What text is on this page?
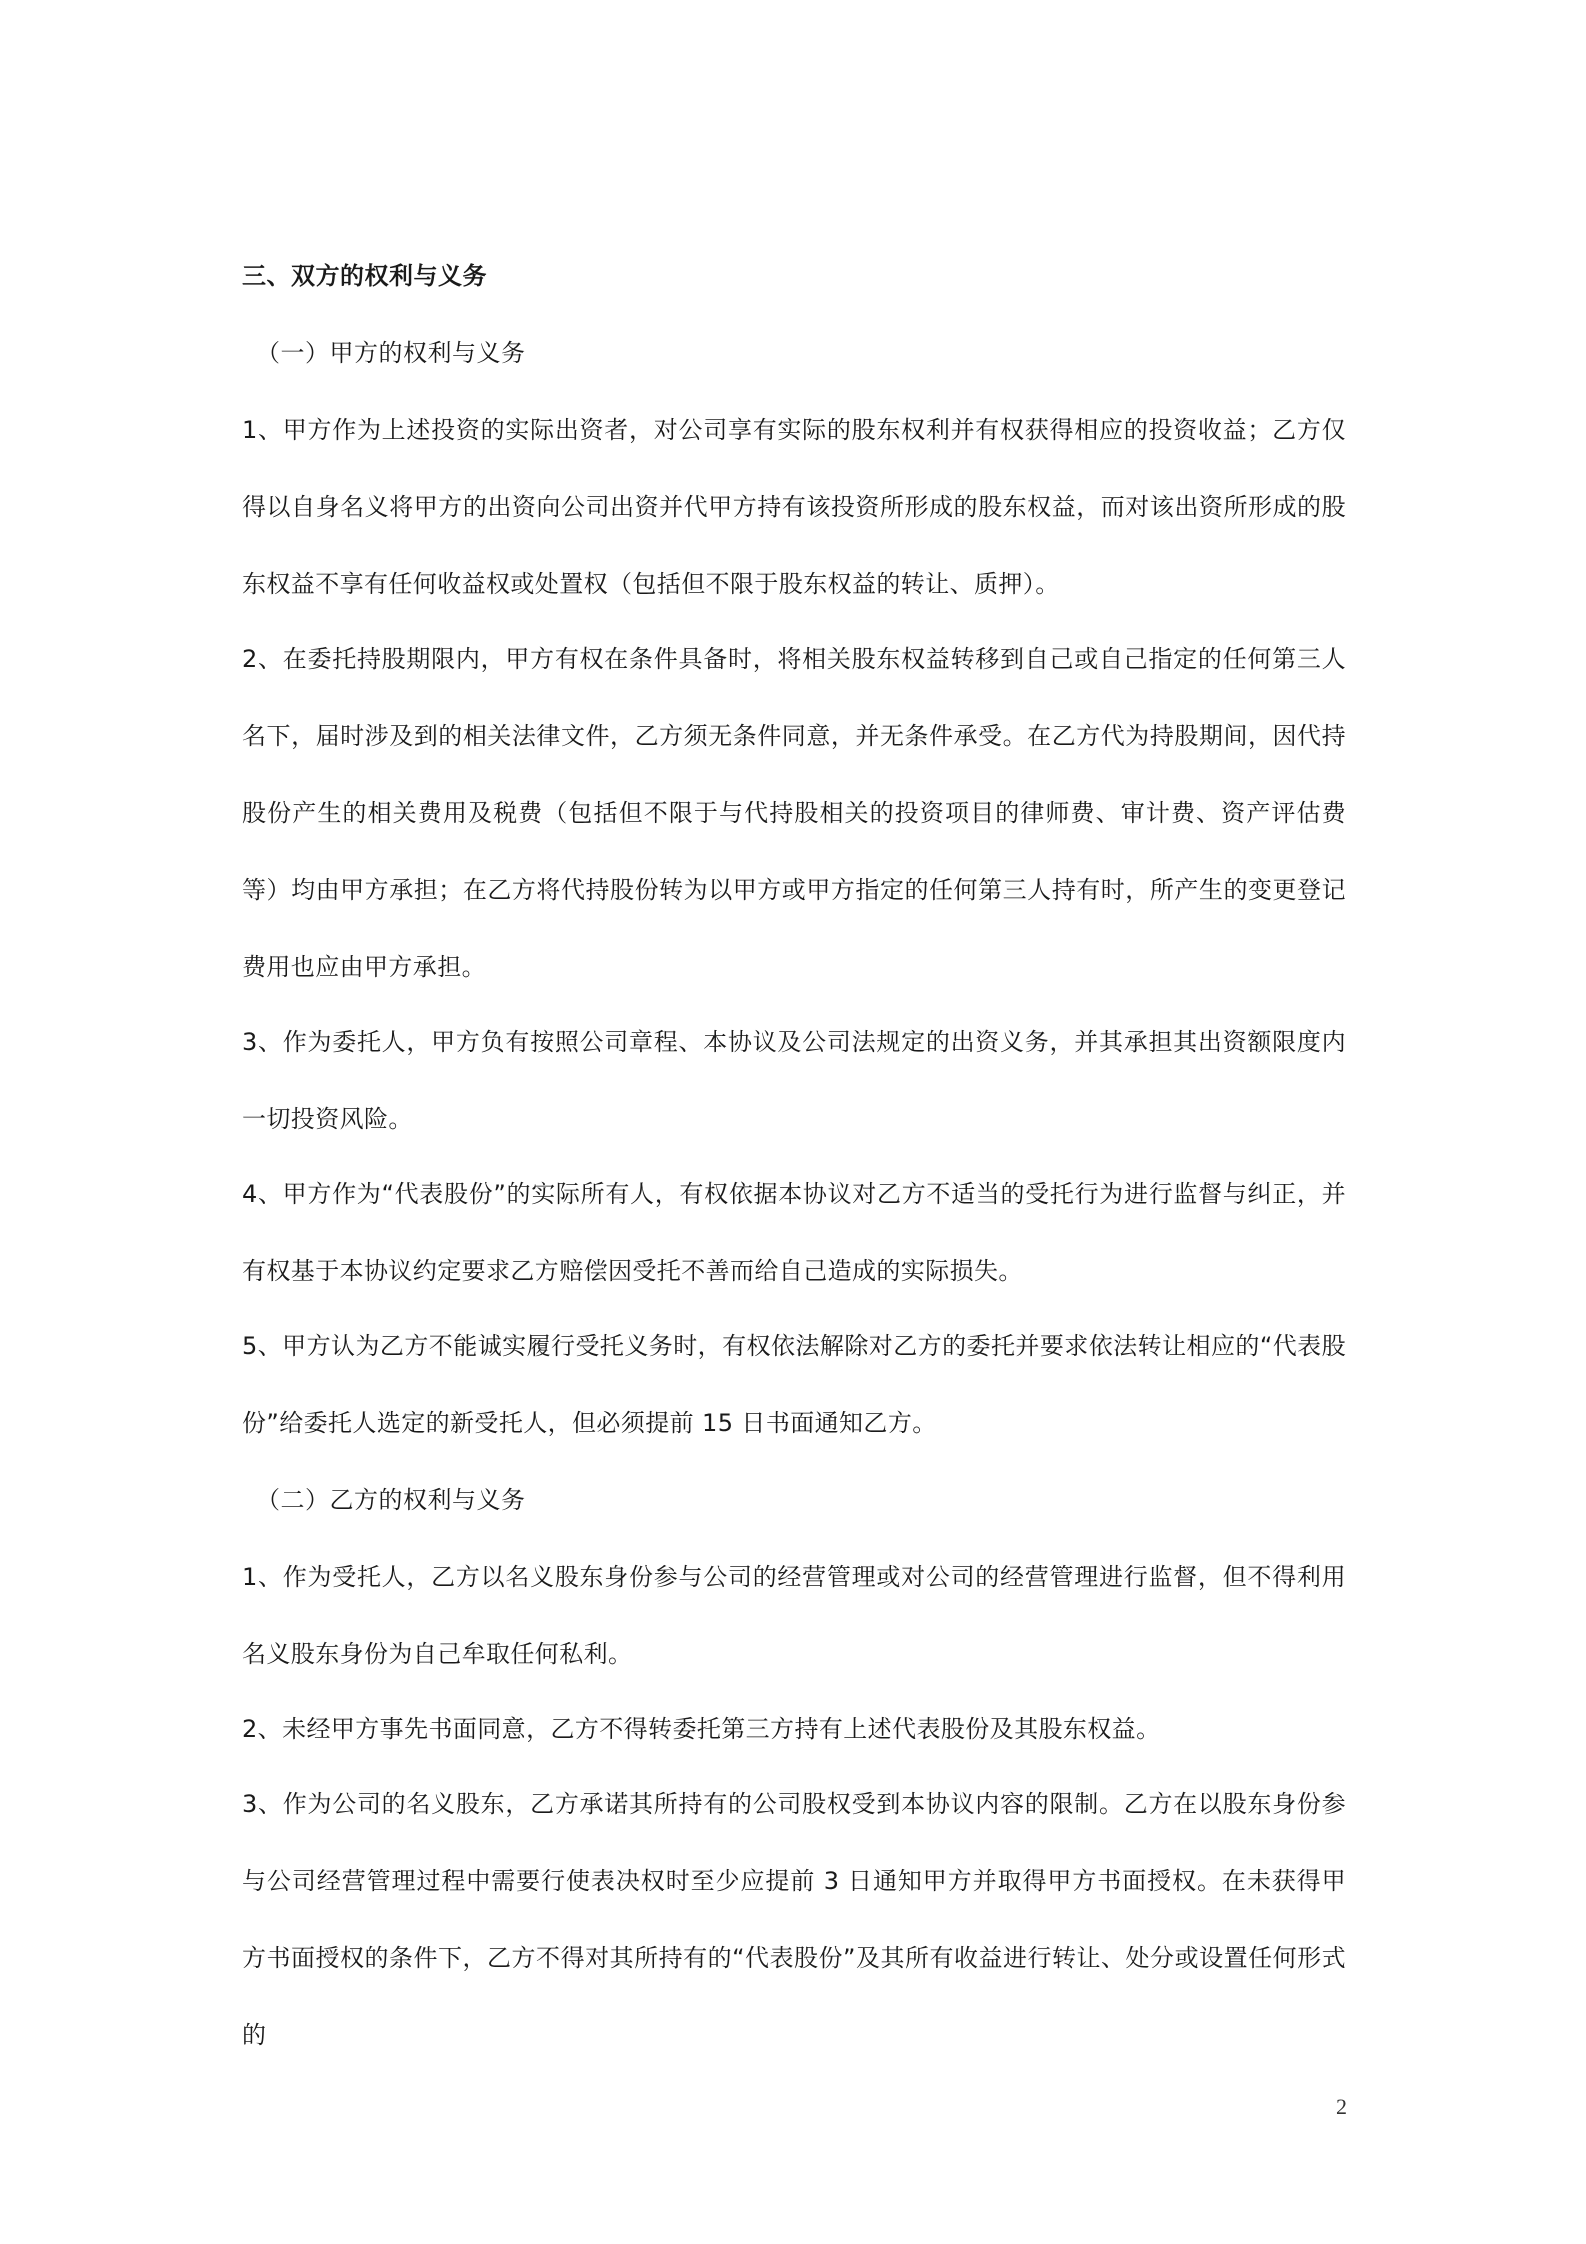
三、双方的权利与义务
（一）甲方的权利与义务

1、甲方作为上述投资的实际出资者，对公司享有实际的股东权利并有权获得相应的投资收益；乙方仅得以自身名义将甲方的出资向公司出资并代甲方持有该投资所形成的股东权益，而对该出资所形成的股东权益不享有任何收益权或处置权（包括但不限于股东权益的转让、质押）。

2、在委托持股期限内，甲方有权在条件具备时，将相关股东权益转移到自己或自己指定的任何第三人名下，届时涉及到的相关法律文件，乙方须无条件同意，并无条件承受。在乙方代为持股期间，因代持股份产生的相关费用及税费（包括但不限于与代持股相关的投资项目的律师费、审计费、资产评估费等）均由甲方承担；在乙方将代持股份转为以甲方或甲方指定的任何第三人持有时，所产生的变更登记费用也应由甲方承担。

3、作为委托人，甲方负有按照公司章程、本协议及公司法规定的出资义务，并其承担其出资额限度内一切投资风险。

4、甲方作为“代表股份”的实际所有人，有权依据本协议对乙方不适当的受托行为进行监督与纠正，并有权基于本协议约定要求乙方赔偿因受托不善而给自己造成的实际损失。

5、甲方认为乙方不能诚实履行受托义务时，有权依法解除对乙方的委托并要求依法转让相应的“代表股份”给委托人选定的新受托人，但必须提前 15 日书面通知乙方。

（二）乙方的权利与义务

1、作为受托人，乙方以名义股东身份参与公司的经营管理或对公司的经营管理进行监督，但不得利用名义股东身份为自己牟取任何私利。

2、未经甲方事先书面同意，乙方不得转委托第三方持有上述代表股份及其股东权益。

3、作为公司的名义股东，乙方承诺其所持有的公司股权受到本协议内容的限制。乙方在以股东身份参与公司经营管理过程中需要行使表决权时至少应提前 3 日通知甲方并取得甲方书面授权。在未获得甲方书面授权的条件下，乙方不得对其所持有的“代表股份”及其所有收益进行转让、处分或设置任何形式的

2
